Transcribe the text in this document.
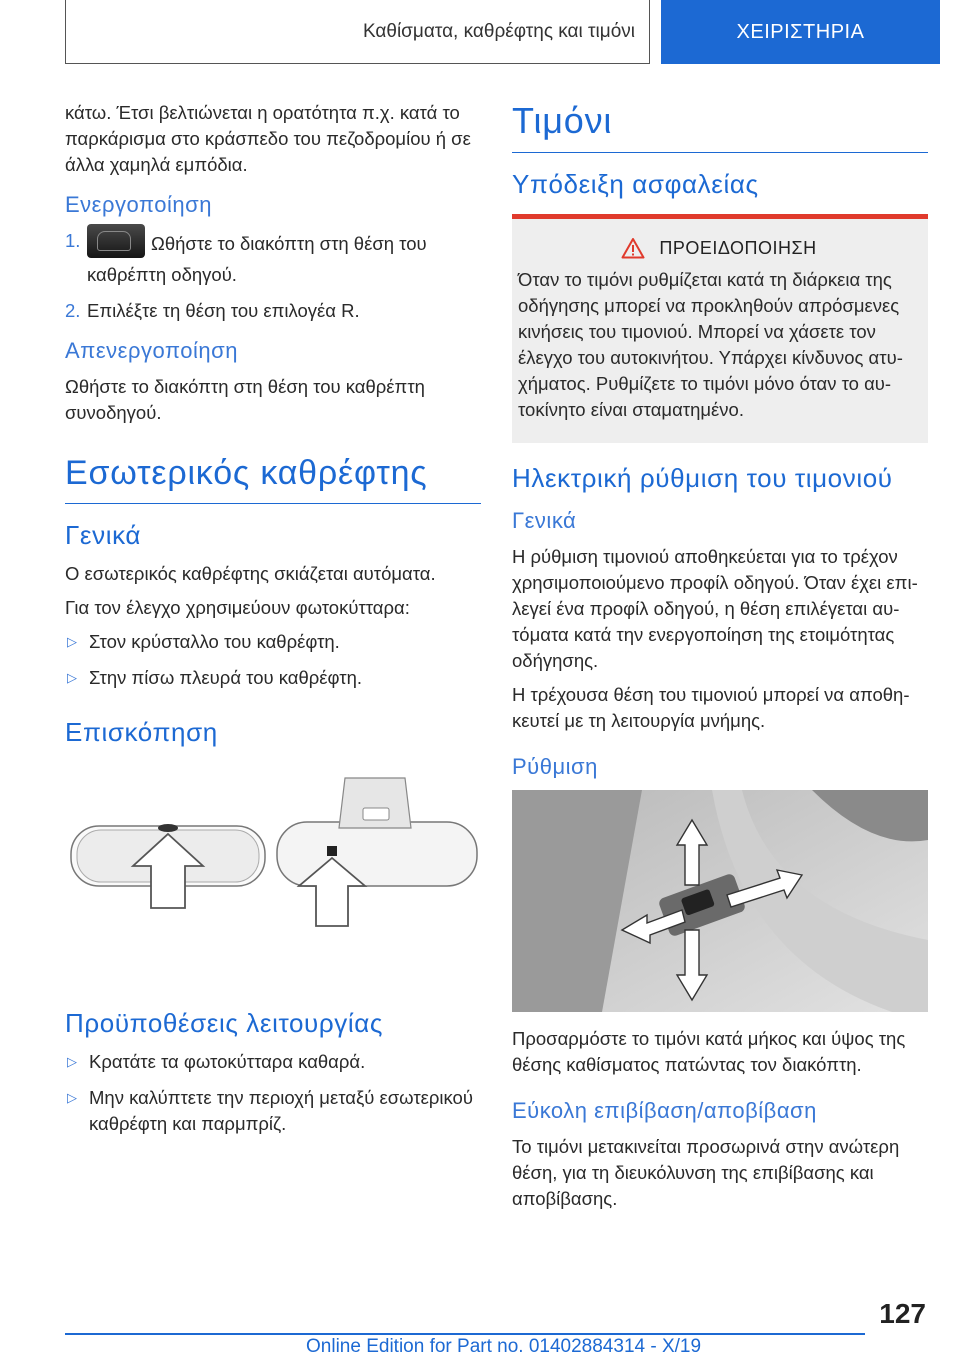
Καθίσματα, καθρέφτης και τιμόνι	ΧΕΙΡΙΣΤΗΡΙΑ

κάτω. Έτσι βελτιώνεται η ορατότητα π.χ. κατά το παρκάρισμα στο κράσπεδο του πεζοδρομίου ή σε άλλα χαμηλά εμπόδια.

Ενεργοποίηση
1.	Ωθήστε το διακόπτη στη θέση του καθρέπτη οδηγού.
2. Επιλέξτε τη θέση του επιλογέα R.
Απενεργοποίηση

Ωθήστε το διακόπτη στη θέση του καθρέπτη συνοδηγού.

Εσωτερικός καθρέφτης
Γενικά

Ο εσωτερικός καθρέφτης σκιάζεται αυτόματα.

Για τον έλεγχο χρησιμεύουν φωτοκύτταρα:

▷ Στον κρύσταλλο του καθρέφτη.
▷ Στην πίσω πλευρά του καθρέφτη.
Επισκόπηση
Προϋποθέσεις λειτουργίας
▷ Κρατάτε τα φωτοκύτταρα καθαρά.
▷ Μην καλύπτετε την περιοχή μεταξύ εσωτερικού καθρέφτη και παρμπρίζ.
Τιμόνι
Υπόδειξη ασφαλείας
ΠΡΟΕΙΔΟΠΟΙΗΣΗ

Όταν το τιμόνι ρυθμίζεται κατά τη διάρκεια της οδήγησης μπορεί να προκληθούν απρόσμενες κινήσεις του τιμονιού. Μπορεί να χάσετε τον έλεγχο του αυτοκινήτου. Υπάρχει κίνδυνος ατυχήματος. Ρυθμίζετε το τιμόνι μόνο όταν το αυτοκίνητο είναι σταματημένο.

Ηλεκτρική ρύθμιση του τιμονιού
Γενικά

Η ρύθμιση τιμονιού αποθηκεύεται για το τρέχον χρησιμοποιούμενο προφίλ οδηγού. Όταν έχει επιλεγεί ένα προφίλ οδηγού, η θέση επιλέγεται αυτόματα κατά την ενεργοποίηση της ετοιμότητας οδήγησης.

Η τρέχουσα θέση του τιμονιού μπορεί να αποθηκευτεί με τη λειτουργία μνήμης.

Ρύθμιση

Προσαρμόστε το τιμόνι κατά μήκος και ύψος της θέσης καθίσματος πατώντας τον διακόπτη.

Εύκολη επιβίβαση/αποβίβαση

Το τιμόνι μετακινείται προσωρινά στην ανώτερη θέση, για τη διευκόλυνση της επιβίβασης και αποβίβασης.

127
Online Edition for Part no. 01402884314 - X/19
